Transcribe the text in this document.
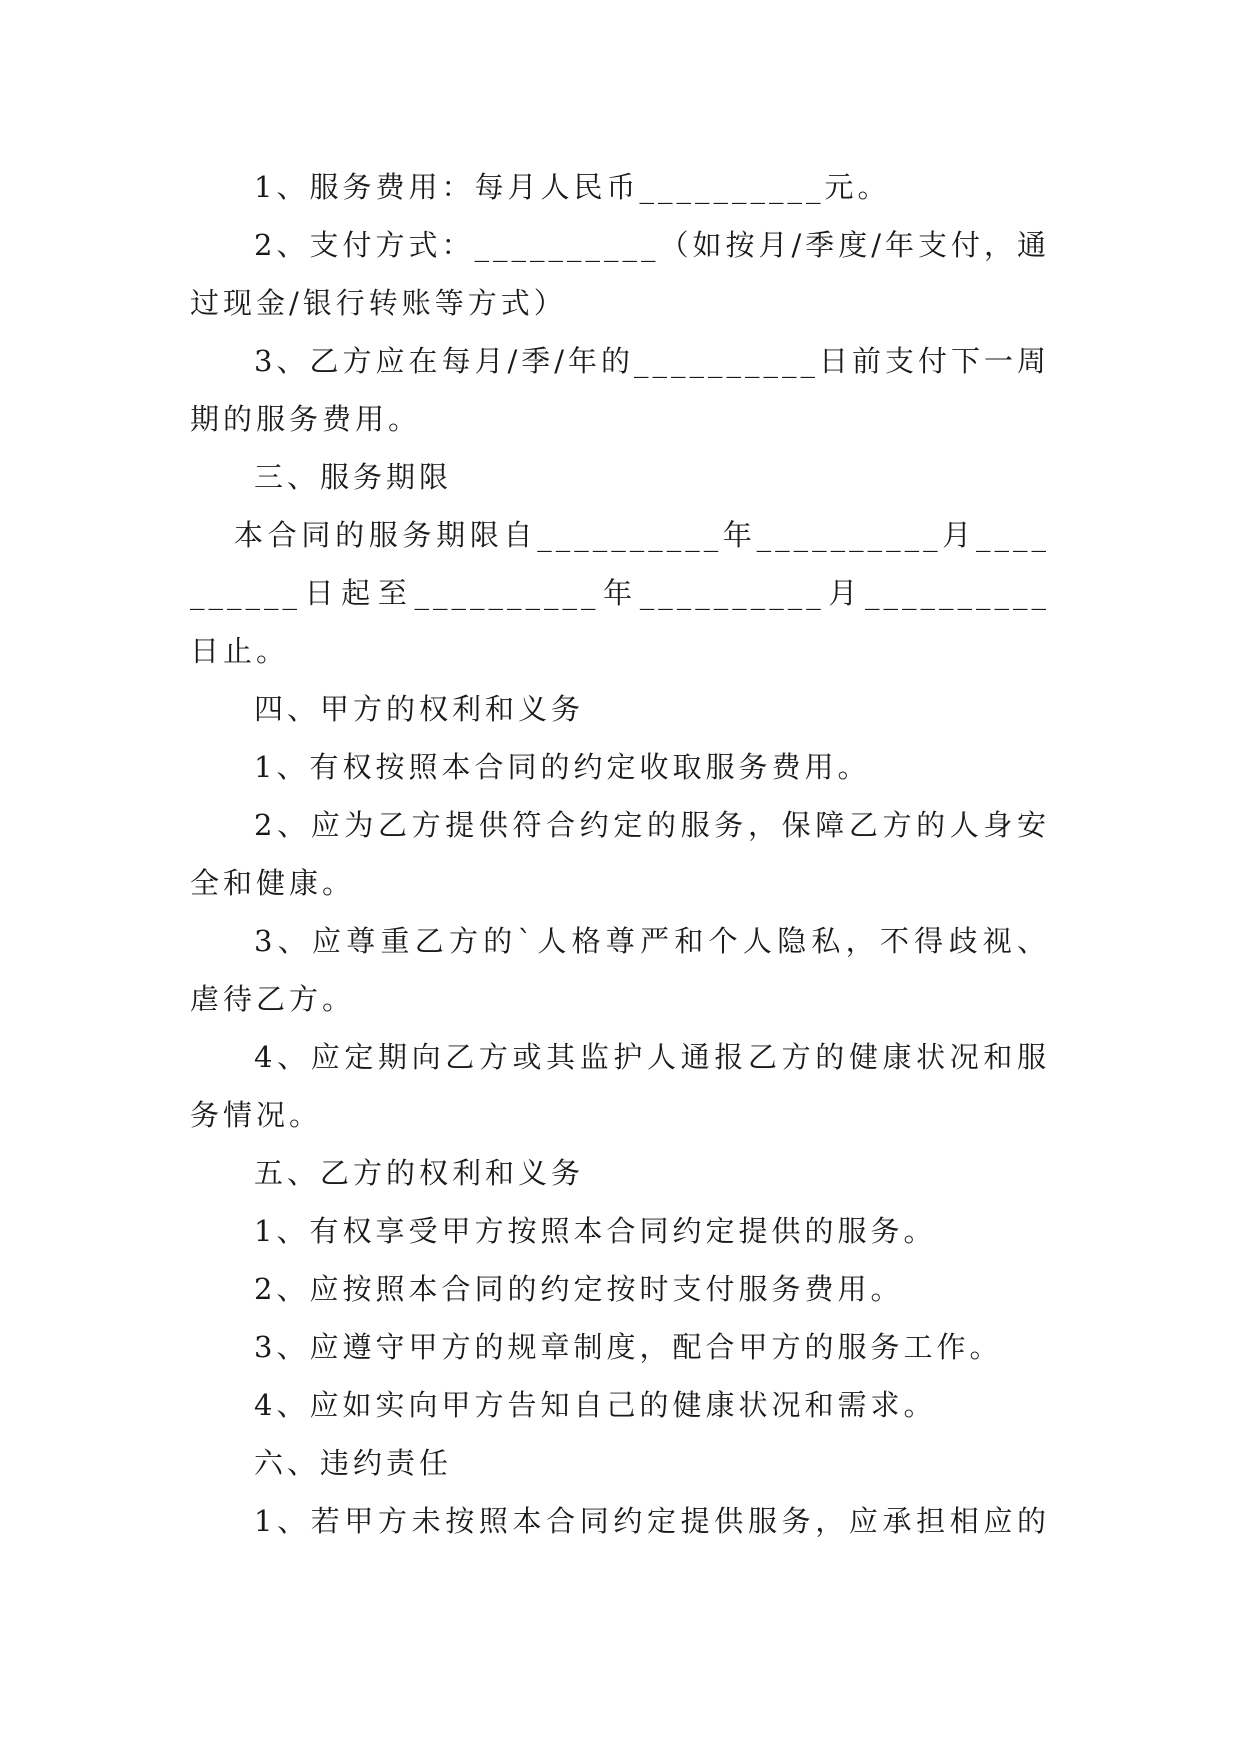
1、服务费用：每月人民币__________元。

2、支付方式：__________（如按月/季度/年支付，通过现金/银行转账等方式）

3、乙方应在每月/季/年的__________日前支付下一周期的服务费用。

三、服务期限

本合同的服务期限自__________年__________月__________日起至__________年__________月__________日止。

四、甲方的权利和义务

1、有权按照本合同的约定收取服务费用。

2、应为乙方提供符合约定的服务，保障乙方的人身安全和健康。

3、应尊重乙方的`人格尊严和个人隐私，不得歧视、虐待乙方。

4、应定期向乙方或其监护人通报乙方的健康状况和服务情况。

五、乙方的权利和义务

1、有权享受甲方按照本合同约定提供的服务。

2、应按照本合同的约定按时支付服务费用。

3、应遵守甲方的规章制度，配合甲方的服务工作。

4、应如实向甲方告知自己的健康状况和需求。

六、违约责任

1、若甲方未按照本合同约定提供服务，应承担相应的
